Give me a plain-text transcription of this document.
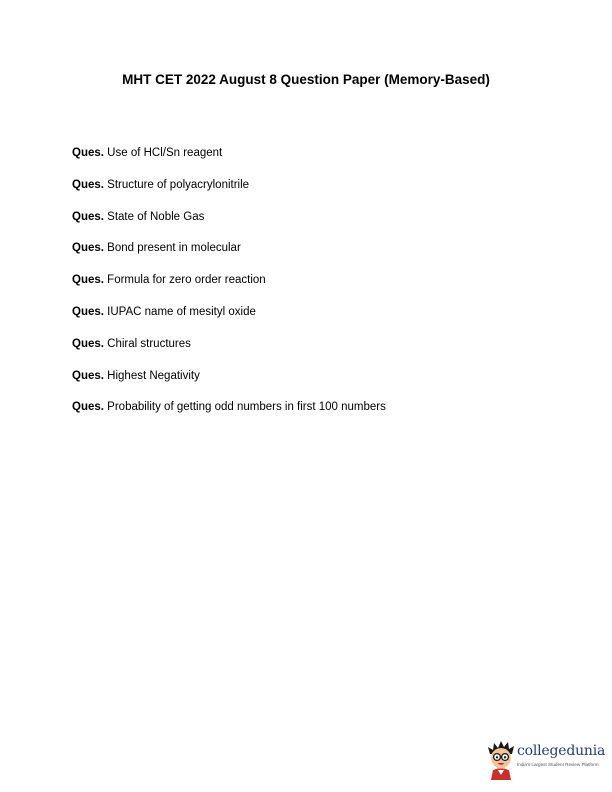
MHT CET 2022 August 8 Question Paper (Memory-Based)
Ques. Use of HCl/Sn reagent
Ques. Structure of polyacrylonitrile
Ques. State of Noble Gas
Ques. Bond present in molecular
Ques. Formula for zero order reaction
Ques. IUPAC name of mesityl oxide
Ques. Chiral structures
Ques. Highest Negativity
Ques. Probability of getting odd numbers in first 100 numbers
collegedunia
India's Largest Student Review Platform
